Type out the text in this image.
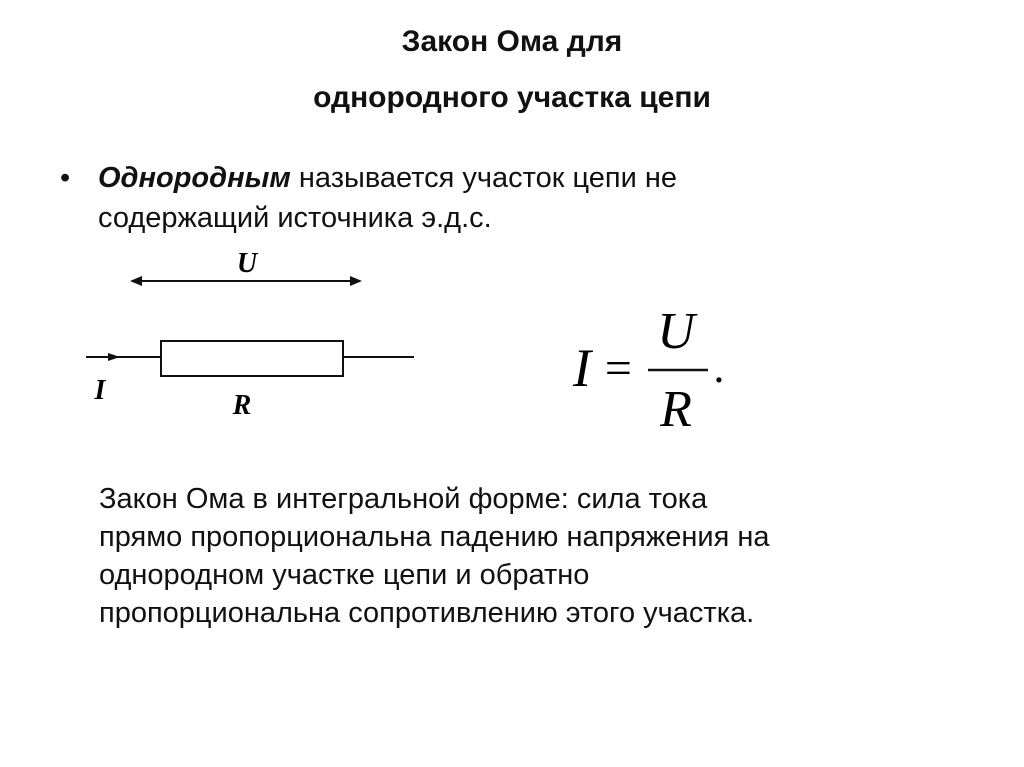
Закон Ома для
однородного участка цепи
• Однородным называется участок цепи не
содержащий источника э.д.с.
U
I	R
I =
U
R
.
Закон Ома в интегральной форме: сила тока
прямо пропорциональна падению напряжения на
однородном участке цепи и обратно
пропорциональна сопротивлению этого участка.
